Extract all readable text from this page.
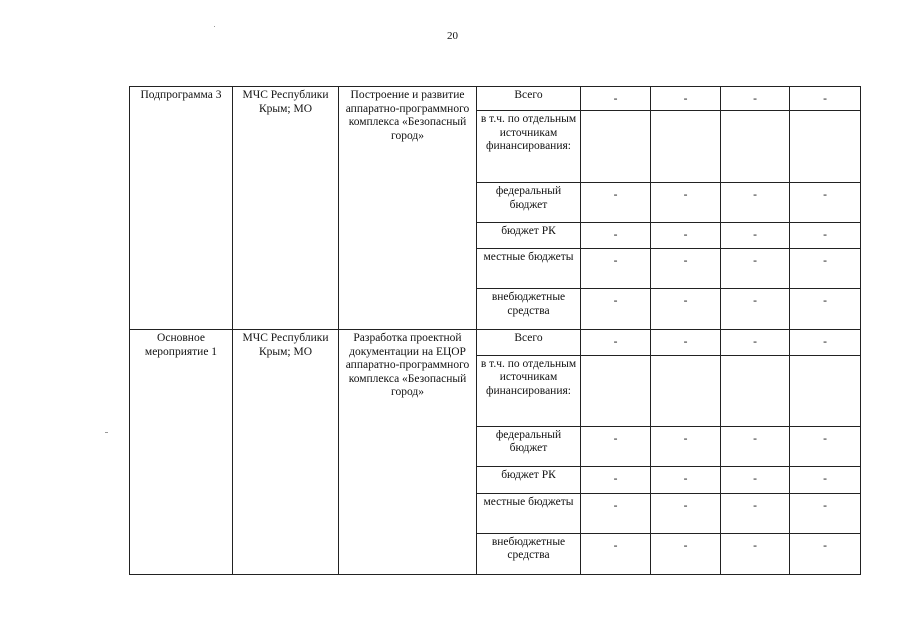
20
Подпрограмма 3	МЧС Республики Крым; МО	Построение и развитие аппаратно-программного комплекса «Безопасный город»	Всего	-	-	-	-
			в т.ч. по отдельным источникам финансирования:				
			федеральный бюджет	-	-	-	-
			бюджет РК	-	-	-	-
			местные бюджеты	-	-	-	-
			внебюджетные средства	-	-	-	-
Основное мероприятие 1	МЧС Республики Крым; МО	Разработка проектной документации на ЕЦОР аппаратно-программного комплекса «Безопасный город»	Всего	-	-	-	-
			в т.ч. по отдельным источникам финансирования:				
			федеральный бюджет	-	-	-	-
			бюджет РК	-	-	-	-
			местные бюджеты	-	-	-	-
			внебюджетные средства	-	-	-	-
